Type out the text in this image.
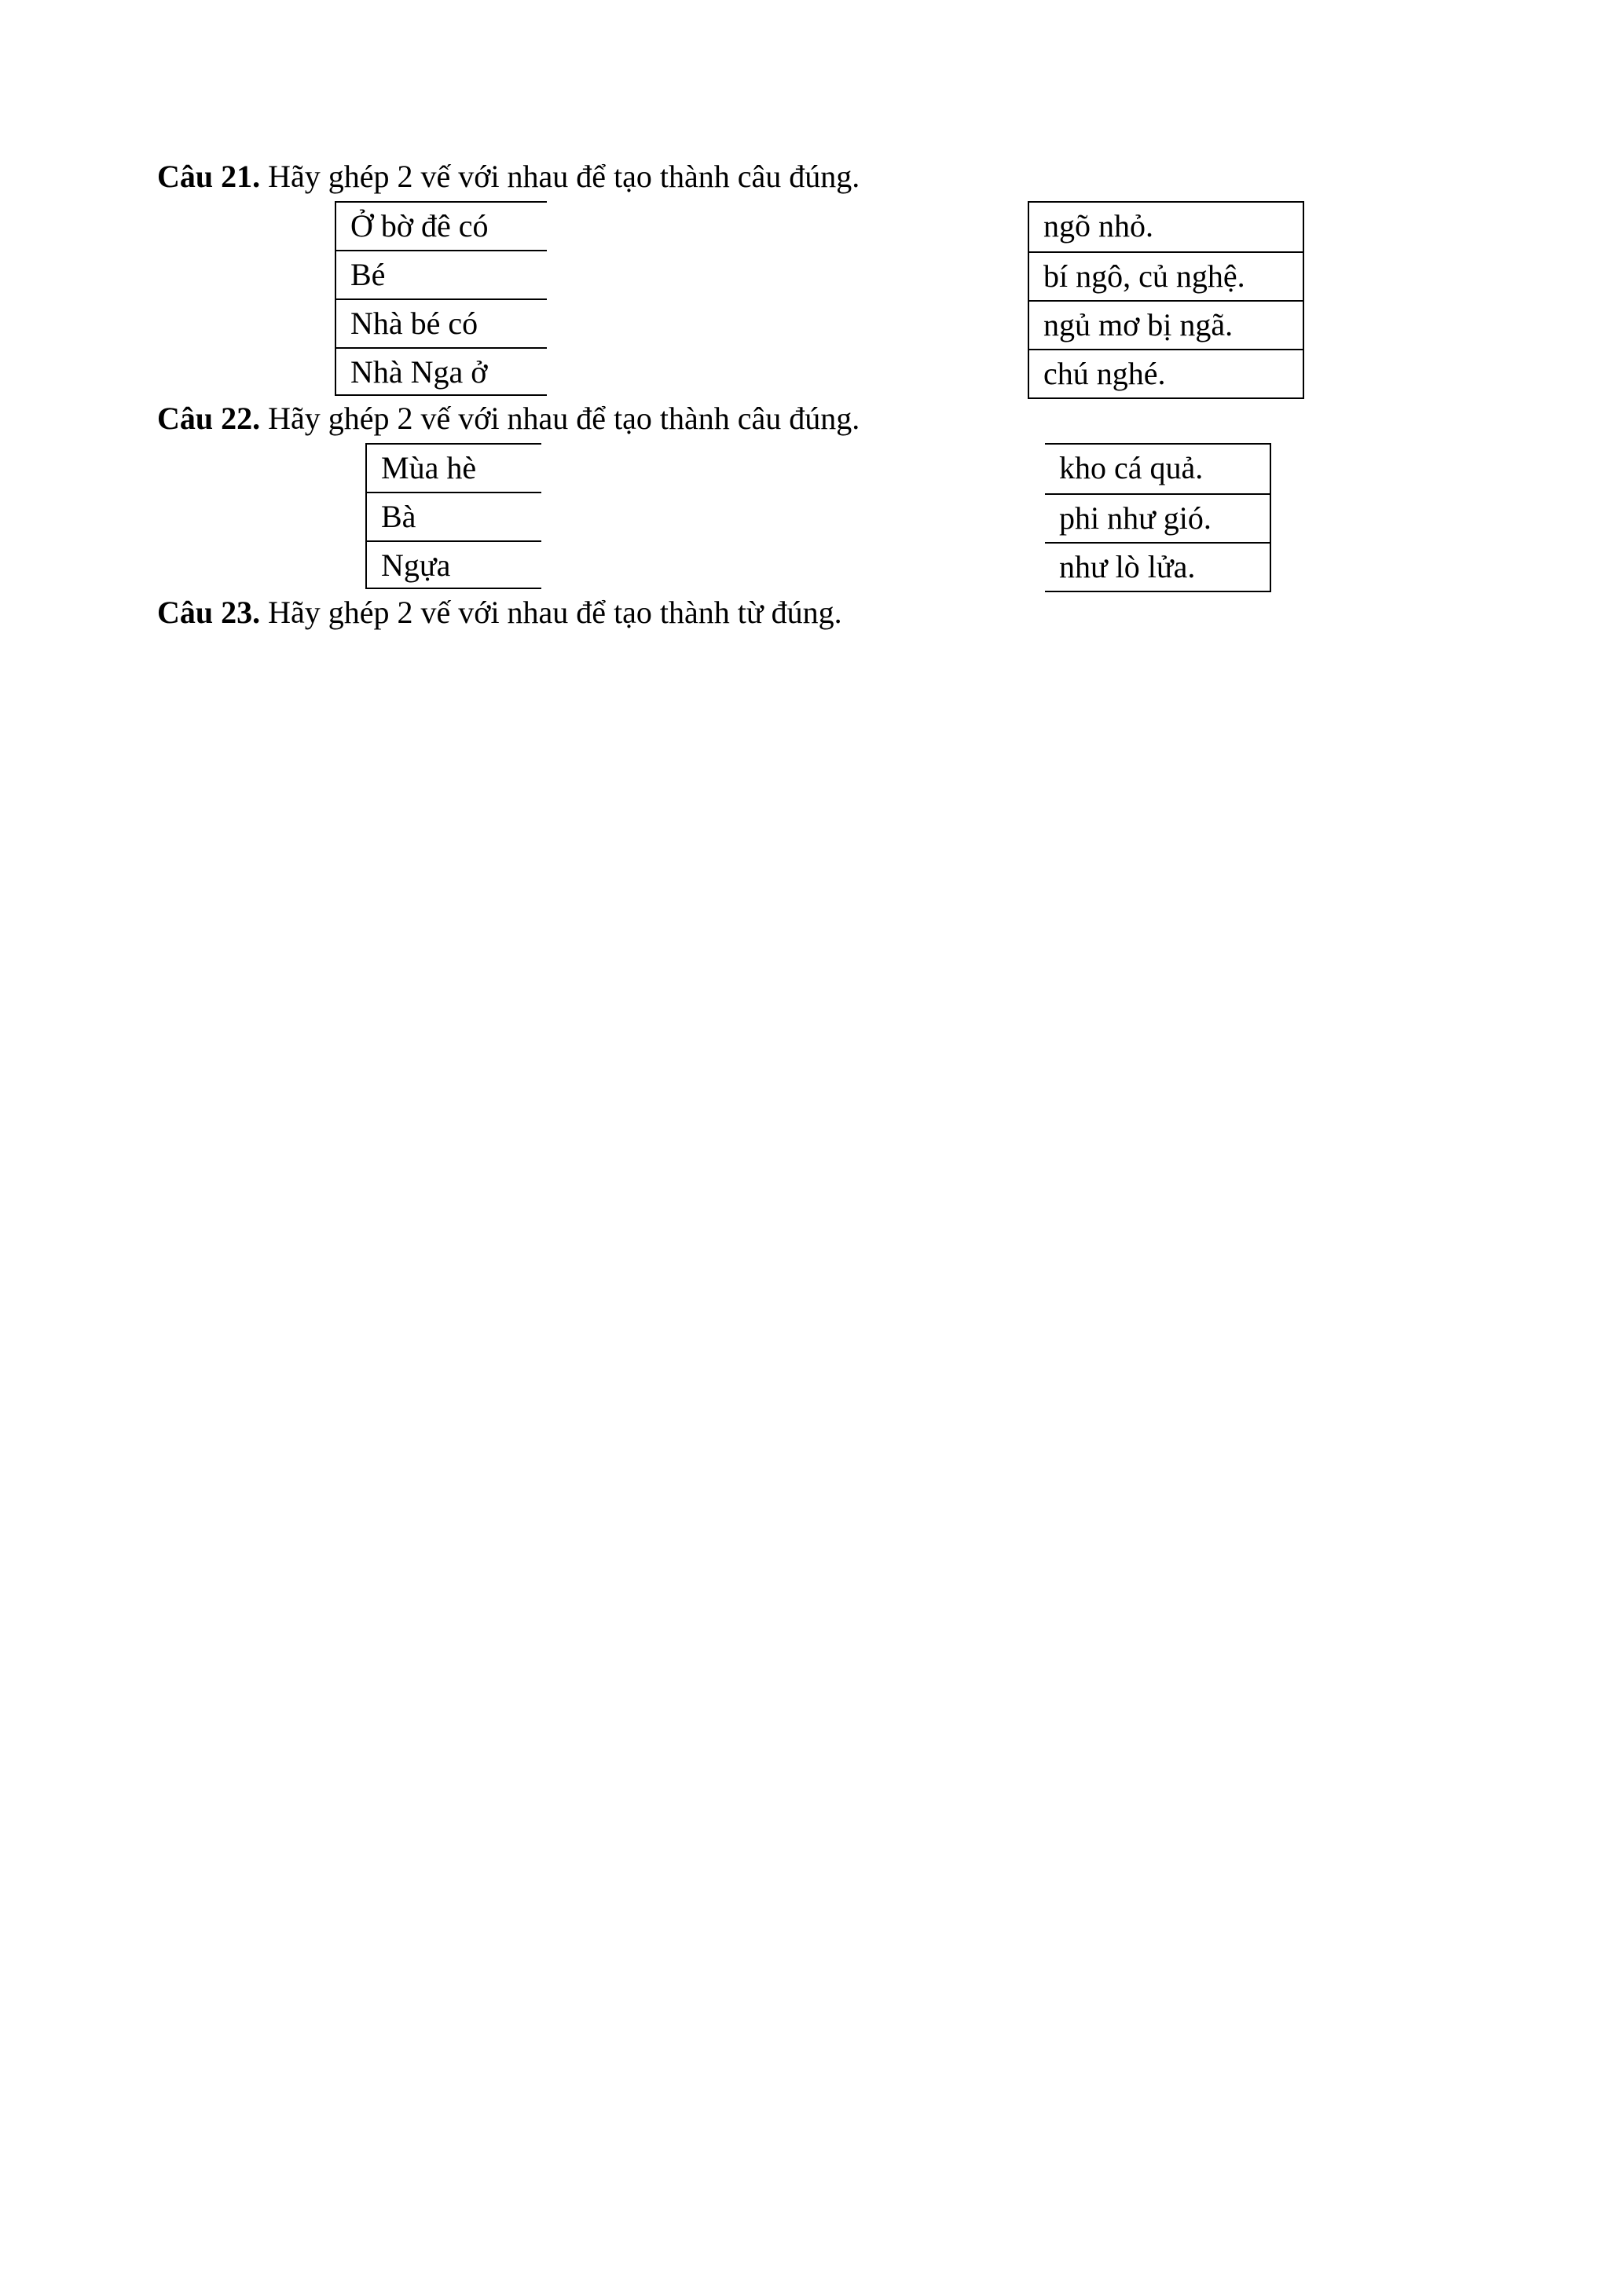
Câu 21. Hãy ghép 2 vế với nhau để tạo thành câu đúng.
Ở bờ đê có
Bé
Nhà bé có
Nhà Nga ở
ngõ nhỏ.
bí ngô, củ nghệ.
ngủ mơ bị ngã.
chú nghé.
Câu 22. Hãy ghép 2 vế với nhau để tạo thành câu đúng.
Mùa hè
Bà
Ngựa
kho cá quả.
phi như gió.
như lò lửa.
Câu 23. Hãy ghép 2 vế với nhau để tạo thành từ đúng.
